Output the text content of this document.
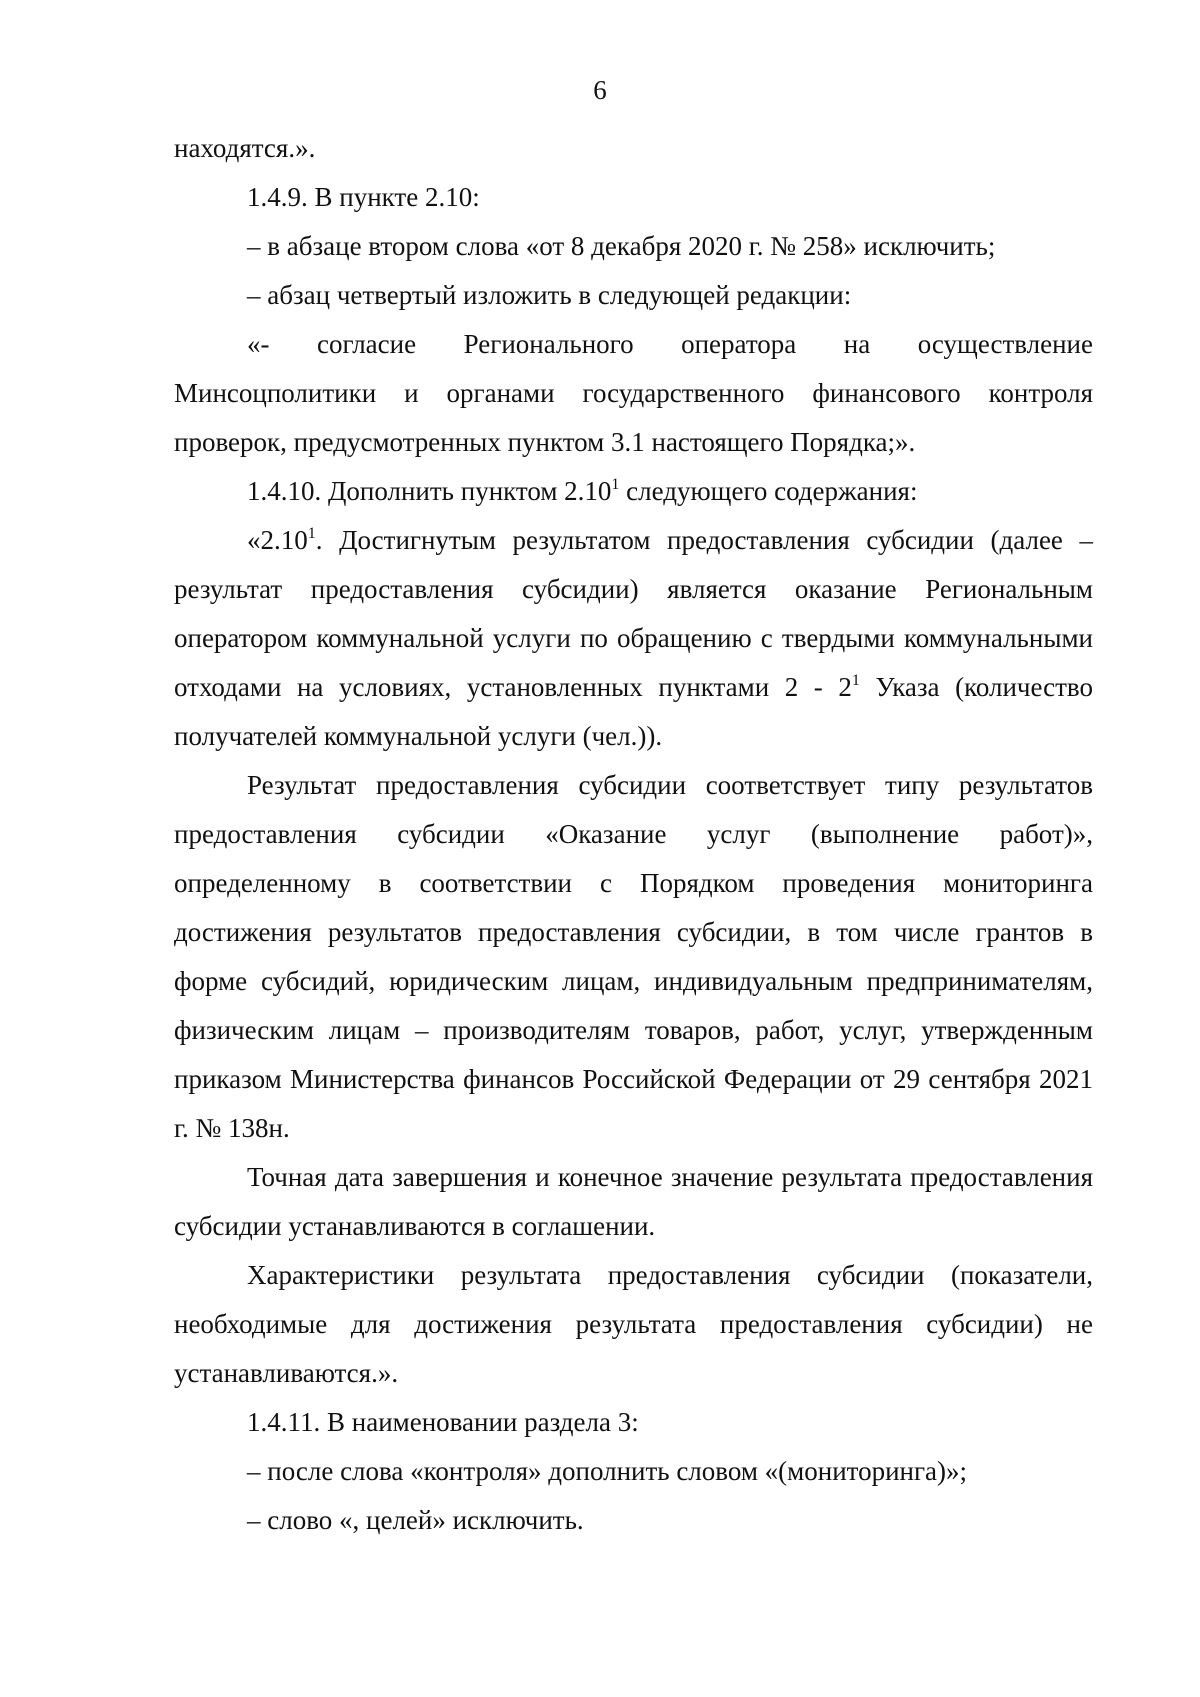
6

находятся.».

1.4.9. В пункте 2.10:

– в абзаце втором слова «от 8 декабря 2020 г. № 258» исключить;

– абзац четвертый изложить в следующей редакции:

«- согласие Регионального оператора на осуществление Минсоцполитики и органами государственного финансового контроля проверок, предусмотренных пунктом 3.1 настоящего Порядка;».

1.4.10. Дополнить пунктом 2.10$^1$ следующего содержания:

«2.10$^1$. Достигнутым результатом предоставления субсидии (далее – результат предоставления субсидии) является оказание Региональным оператором коммунальной услуги по обращению с твердыми коммунальными отходами на условиях, установленных пунктами $2 - 2^1$ Указа (количество получателей коммунальной услуги (чел.)).

Результат предоставления субсидии соответствует типу результатов предоставления субсидии «Оказание услуг (выполнение работ)», определенному в соответствии с Порядком проведения мониторинга достижения результатов предоставления субсидии, в том числе грантов в форме субсидий, юридическим лицам, индивидуальным предпринимателям, физическим лицам – производителям товаров, работ, услуг, утвержденным приказом Министерства финансов Российской Федерации от 29 сентября 2021 г. № 138н.

Точная дата завершения и конечное значение результата предоставления субсидии устанавливаются в соглашении.

Характеристики результата предоставления субсидии (показатели, необходимые для достижения результата предоставления субсидии) не устанавливаются.».

1.4.11. В наименовании раздела 3:

– после слова «контроля» дополнить словом «(мониторинга)»;

– слово «, целей» исключить.
